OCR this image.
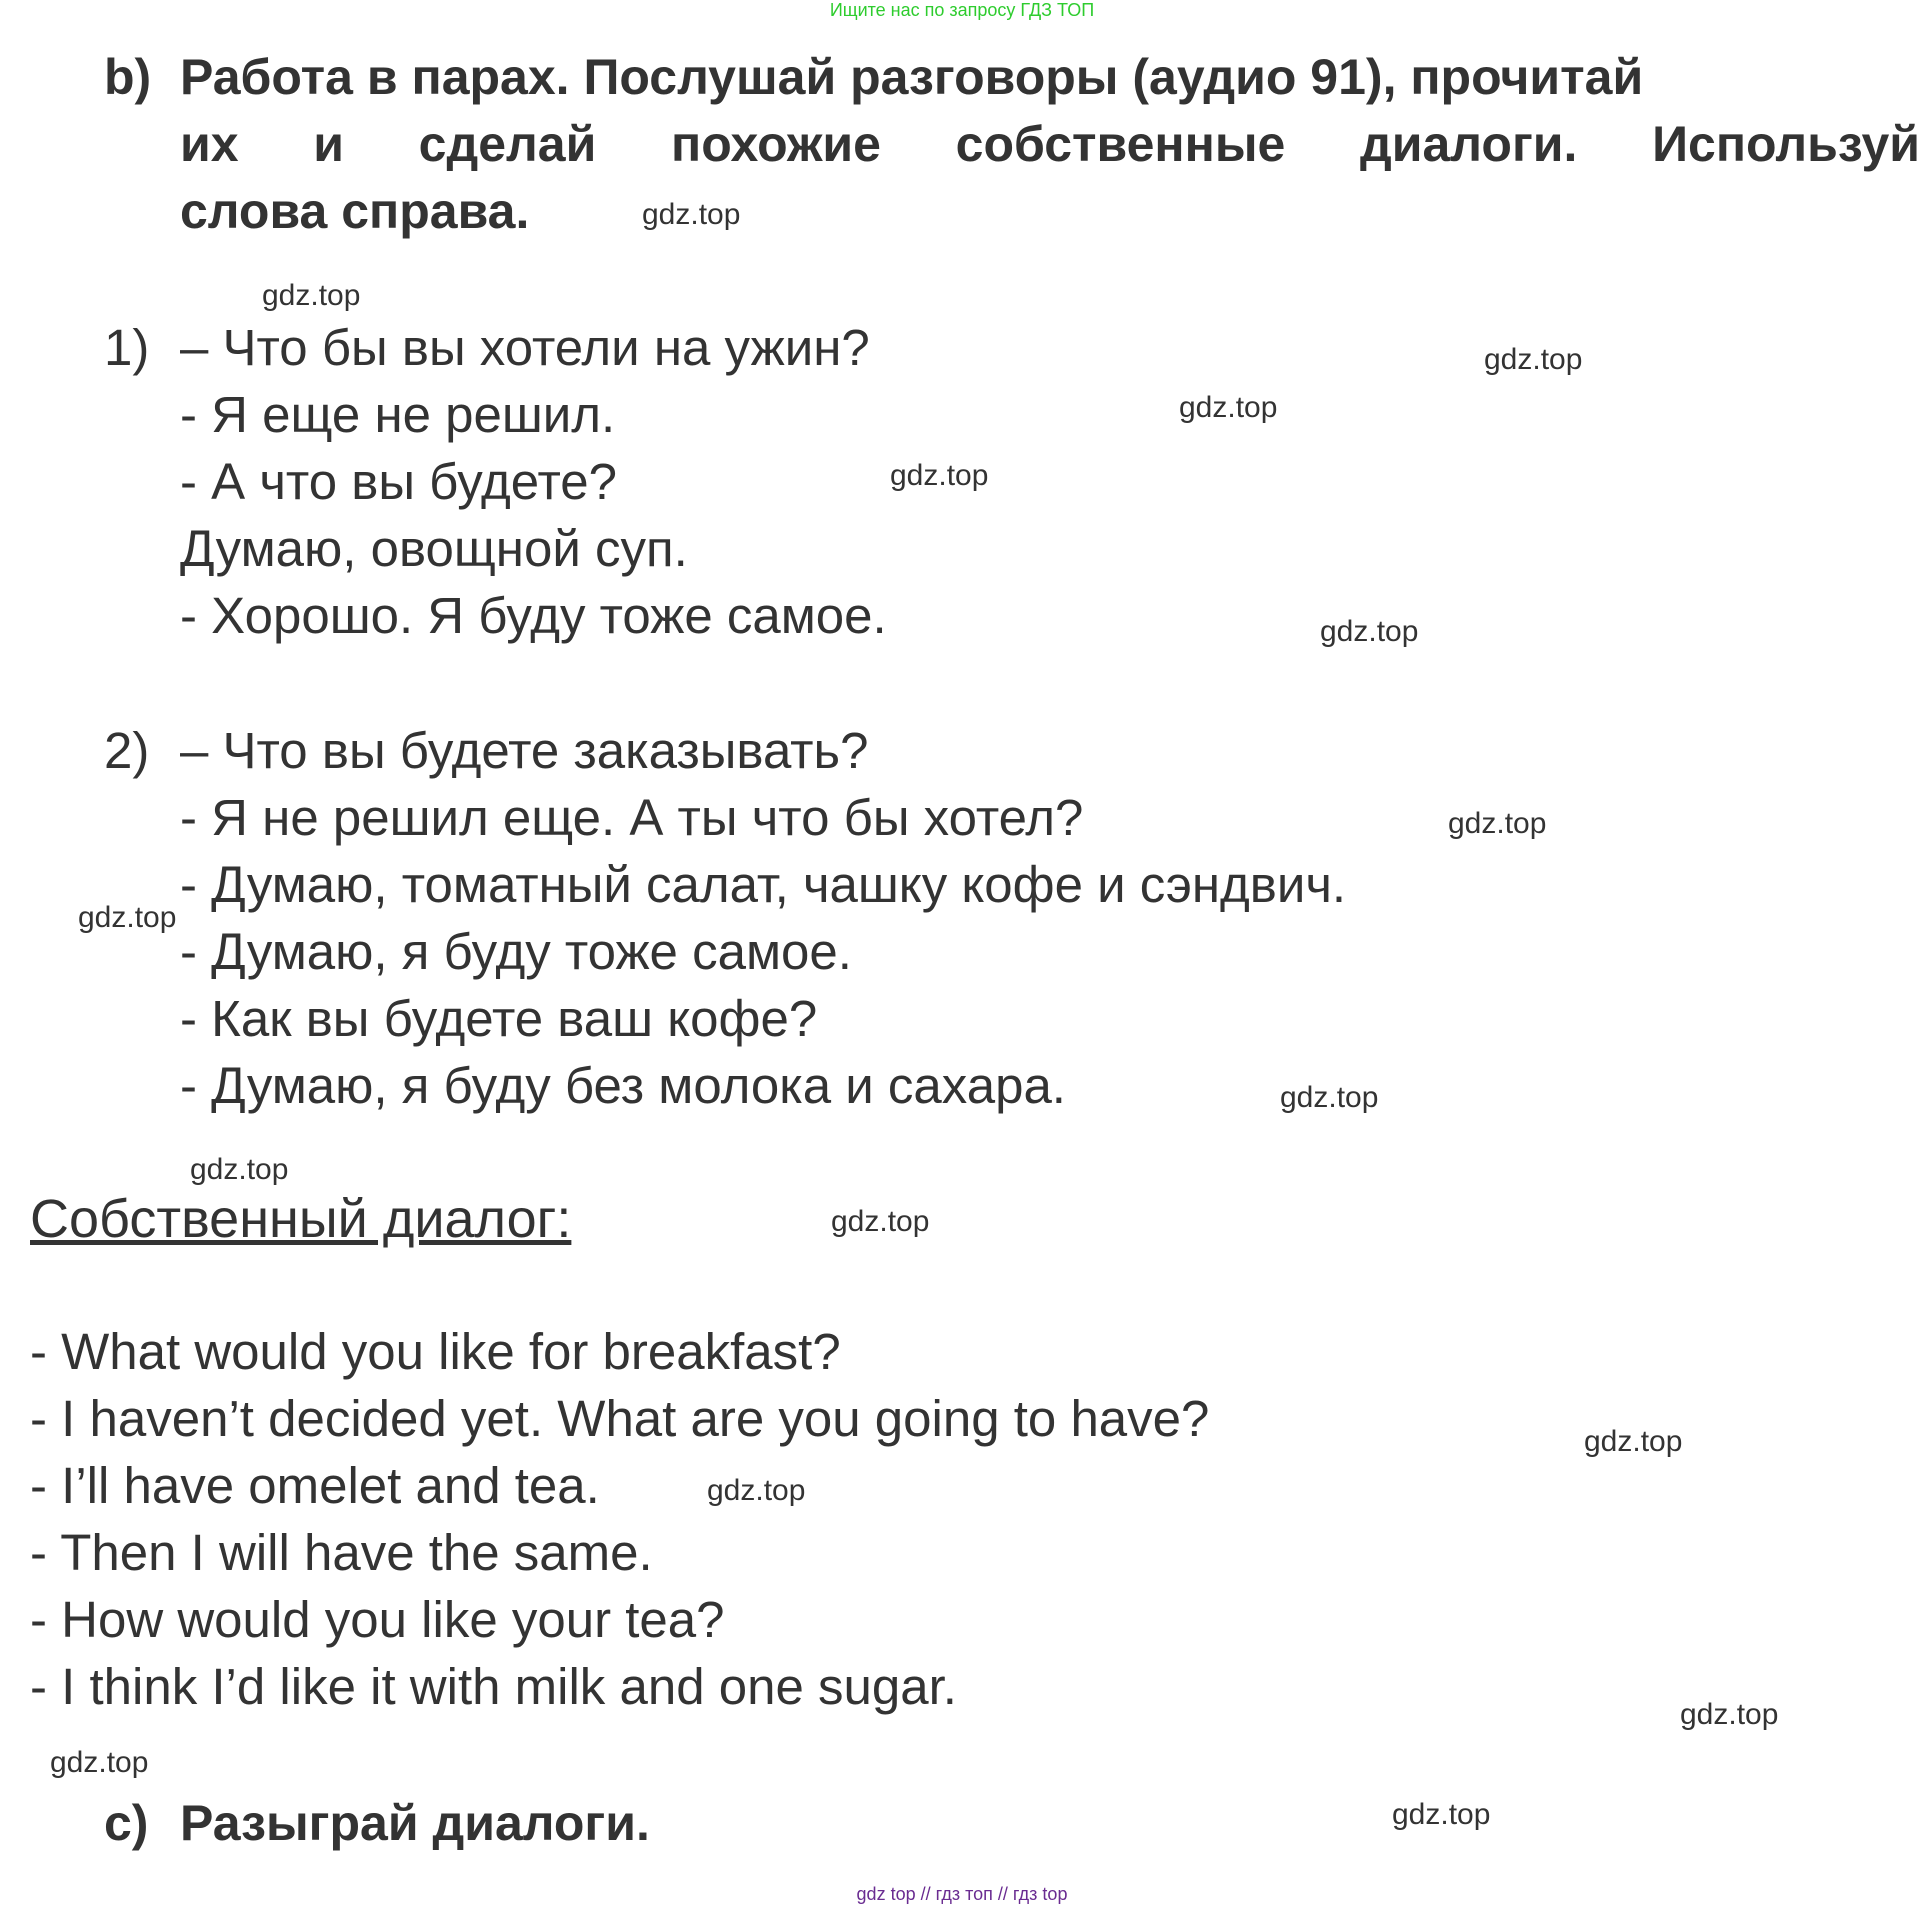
Ищите нас по запросу ГДЗ ТОП
b) Работа в парах. Послушай разговоры (аудио 91), прочитай
их и сделай похожие собственные диалоги. Используй
слова справа.
1) – Что бы вы хотели на ужин?
- Я еще не решил.
- А что вы будете?
Думаю, овощной суп.
- Хорошо. Я буду тоже самое.
2) – Что вы будете заказывать?
- Я не решил еще. А ты что бы хотел?
- Думаю, томатный салат, чашку кофе и сэндвич.
- Думаю, я буду тоже самое.
- Как вы будете ваш кофе?
- Думаю, я буду без молока и сахара.
Собственный диалог:
- What would you like for breakfast?
- I haven’t decided yet. What are you going to have?
- I’ll have omelet and tea.
- Then I will have the same.
- How would you like your tea?
- I think I’d like it with milk and one sugar.
c) Разыграй диалоги.
gdz.top
gdz.top
gdz.top
gdz.top
gdz.top
gdz.top
gdz.top
gdz.top
gdz.top
gdz.top
gdz.top
gdz.top
gdz.top
gdz.top
gdz.top
gdz.top
gdz top // гдз топ // гдз top
